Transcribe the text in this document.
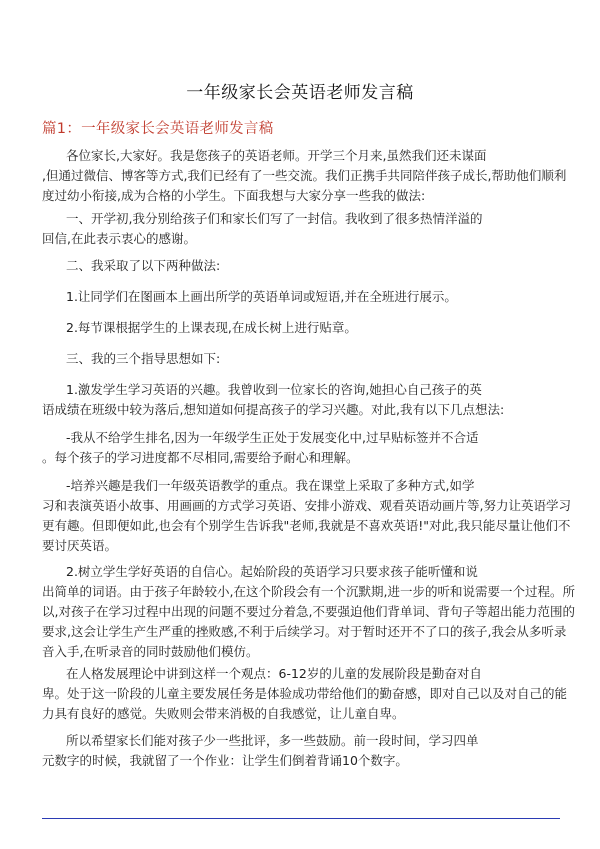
一年级家长会英语老师发言稿
篇1：一年级家长会英语老师发言稿
各位家长,大家好。我是您孩子的英语老师。开学三个月来,虽然我们还未谋面
,但通过微信、博客等方式,我们已经有了一些交流。我们正携手共同陪伴孩子成长,帮助他们顺利
度过幼小衔接,成为合格的小学生。下面我想与大家分享一些我的做法:
一、开学初,我分别给孩子们和家长们写了一封信。我收到了很多热情洋溢的
回信,在此表示衷心的感谢。
二、我采取了以下两种做法:
1.让同学们在图画本上画出所学的英语单词或短语,并在全班进行展示。
2.每节课根据学生的上课表现,在成长树上进行贴章。
三、我的三个指导思想如下:
1.激发学生学习英语的兴趣。我曾收到一位家长的咨询,她担心自己孩子的英
语成绩在班级中较为落后,想知道如何提高孩子的学习兴趣。对此,我有以下几点想法:
-我从不给学生排名,因为一年级学生正处于发展变化中,过早贴标签并不合适
。每个孩子的学习进度都不尽相同,需要给予耐心和理解。
-培养兴趣是我们一年级英语教学的重点。我在课堂上采取了多种方式,如学
习和表演英语小故事、用画画的方式学习英语、安排小游戏、观看英语动画片等,努力让英语学习
更有趣。但即便如此,也会有个别学生告诉我"老师,我就是不喜欢英语!"对此,我只能尽量让他们不
要讨厌英语。
2.树立学生学好英语的自信心。起始阶段的英语学习只要求孩子能听懂和说
出简单的词语。由于孩子年龄较小,在这个阶段会有一个沉默期,进一步的听和说需要一个过程。所
以,对孩子在学习过程中出现的问题不要过分着急,不要强迫他们背单词、背句子等超出能力范围的
要求,这会让学生产生严重的挫败感,不利于后续学习。对于暂时还开不了口的孩子,我会从多听录
音入手,在听录音的同时鼓励他们模仿。
在人格发展理论中讲到这样一个观点：6-12岁的儿童的发展阶段是勤奋对自
卑。处于这一阶段的儿童主要发展任务是体验成功带给他们的勤奋感，即对自己以及对自己的能
力具有良好的感觉。失败则会带来消极的自我感觉，让儿童自卑。
所以希望家长们能对孩子少一些批评，多一些鼓励。前一段时间，学习四单
元数字的时候，我就留了一个作业：让学生们倒着背诵10个数字。
